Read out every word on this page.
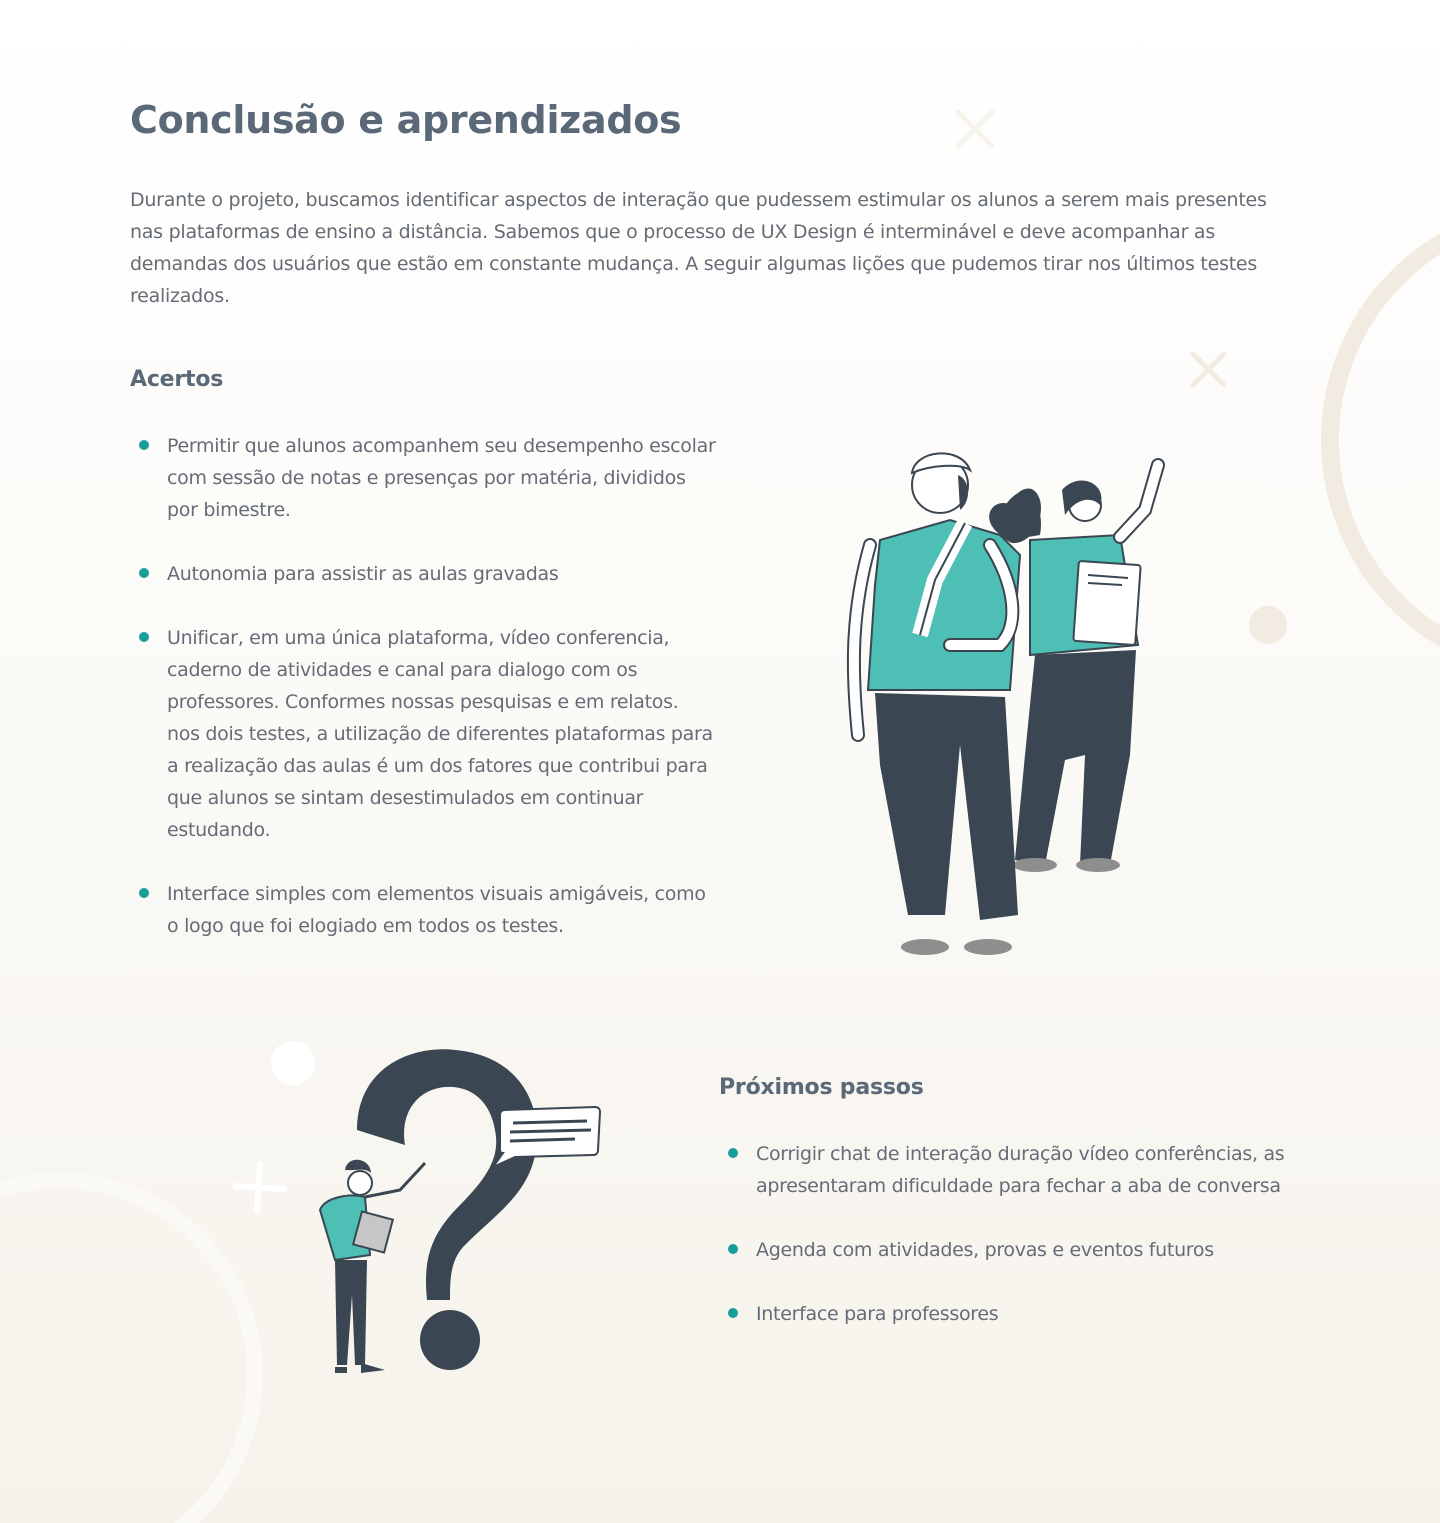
Conclusão e aprendizados

Durante o projeto, buscamos identificar aspectos de interação que pudessem estimular os alunos a serem mais presentes nas plataformas de ensino a distância. Sabemos que o processo de UX Design é interminável e deve acompanhar as demandas dos usuários que estão em constante mudança. A seguir algumas lições que pudemos tirar nos últimos testes realizados.

Acertos
Permitir que alunos acompanhem seu desempenho escolar com sessão de notas e presenças por matéria, divididos por bimestre.
Autonomia para assistir as aulas gravadas
Unificar, em uma única plataforma, vídeo conferencia, caderno de atividades e canal para dialogo com os professores. Conformes nossas pesquisas e em relatos. nos dois testes, a utilização de diferentes plataformas para a realização das aulas é um dos fatores que contribui para que alunos se sintam desestimulados em continuar estudando.
Interface simples com elementos visuais amigáveis, como o logo que foi elogiado em todos os testes.
Próximos passos
Corrigir chat de interação duração vídeo conferências, as apresentaram dificuldade para fechar a aba de conversa
Agenda com atividades, provas e eventos futuros
Interface para professores
